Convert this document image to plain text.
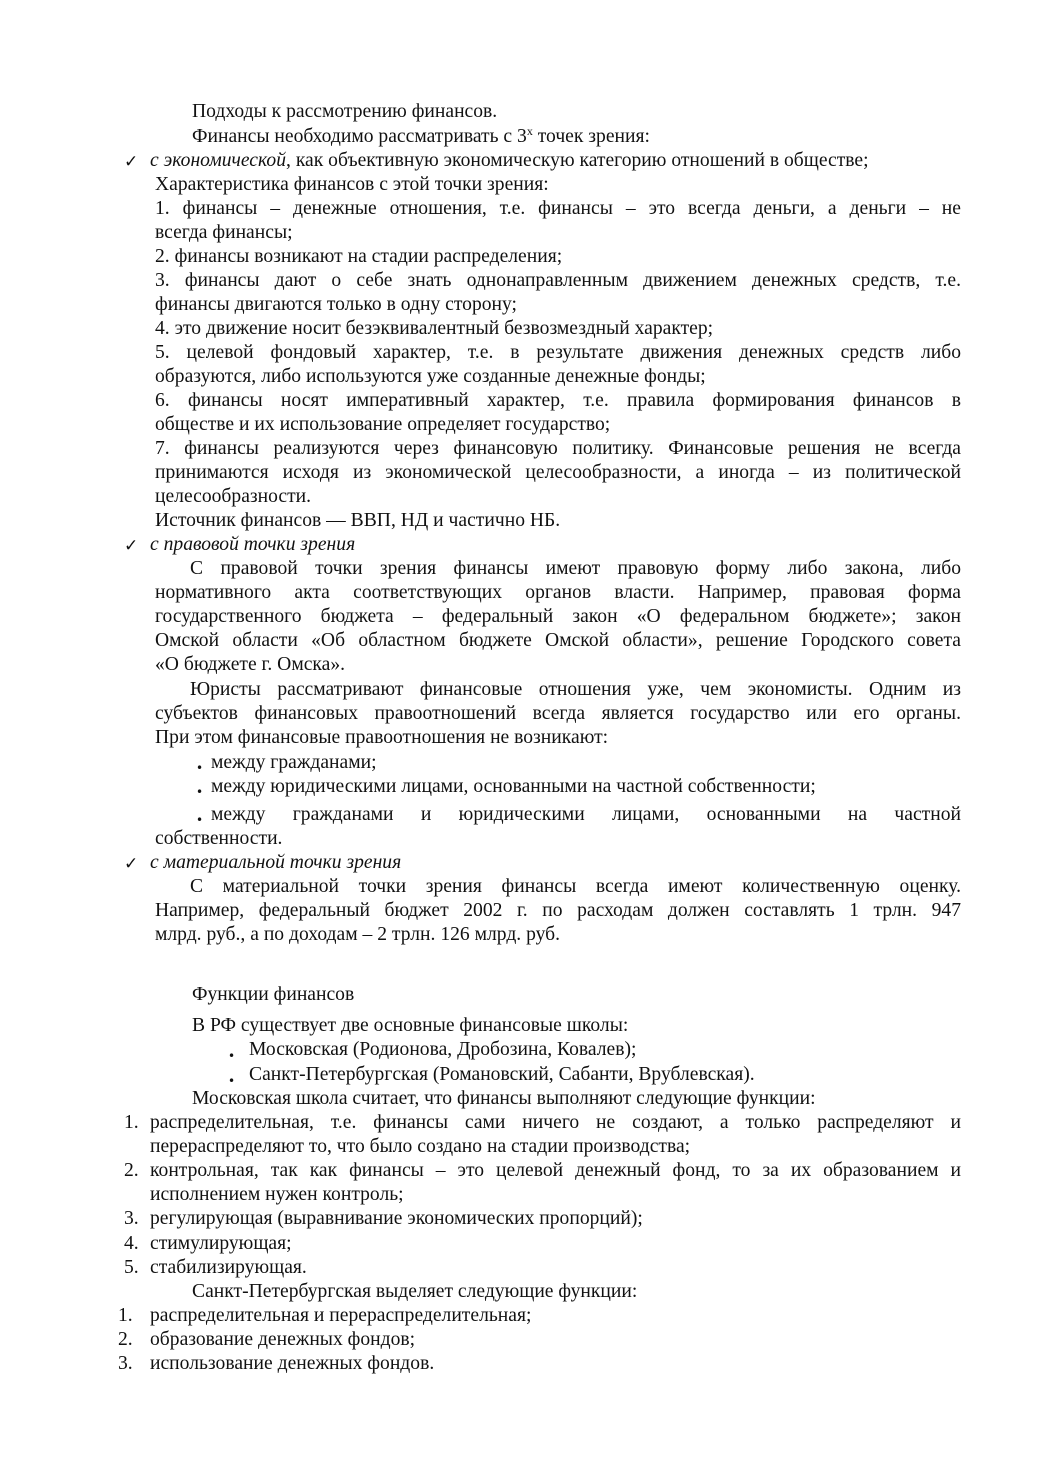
Подходы к рассмотрению финансов.
Финансы необходимо рассматривать с $3^х$ точек зрения:
✓ с экономической, как объективную экономическую категорию отношений в обществе;
Характеристика финансов с этой точки зрения:
1. финансы – денежные отношения, т.е. финансы – это всегда деньги, а деньги – не
всегда финансы;
2. финансы возникают на стадии распределения;
3. финансы дают о себе знать однонаправленным движением денежных средств, т.е.
финансы двигаются только в одну сторону;
4. это движение носит безэквивалентный безвозмездный характер;
5. целевой фондовый характер, т.е. в результате движения денежных средств либо
образуются, либо используются уже созданные денежные фонды;
6. финансы носят императивный характер, т.е. правила формирования финансов в
обществе и их использование определяет государство;
7. финансы реализуются через финансовую политику. Финансовые решения не всегда
принимаются исходя из экономической целесообразности, а иногда – из политической
целесообразности.
Источник финансов — ВВП, НД и частично НБ.
✓ с правовой точки зрения
С правовой точки зрения финансы имеют правовую форму либо закона, либо
нормативного акта соответствующих органов власти. Например, правовая форма
государственного бюджета – федеральный закон «О федеральном бюджете»; закон
Омской области «Об областном бюджете Омской области», решение Городского совета
«О бюджете г. Омска».
Юристы рассматривают финансовые отношения уже, чем экономисты. Одним из
субъектов финансовых правоотношений всегда является государство или его органы.
При этом финансовые правоотношения не возникают:
• между гражданами;
• между юридическими лицами, основанными на частной собственности;
• между гражданами и юридическими лицами, основанными на частной
собственности.
✓ с материальной точки зрения
С материальной точки зрения финансы всегда имеют количественную оценку.
Например, федеральный бюджет 2002 г. по расходам должен составлять 1 трлн. 947
млрд. руб., а по доходам – 2 трлн. 126 млрд. руб.
Функции финансов
В РФ существует две основные финансовые школы:
• Московская (Родионова, Дробозина, Ковалев);
• Санкт-Петербургская (Романовский, Сабанти, Врублевская).
Московская школа считает, что финансы выполняют следующие функции:
1. распределительная, т.е. финансы сами ничего не создают, а только распределяют и
перераспределяют то, что было создано на стадии производства;
2. контрольная, так как финансы – это целевой денежный фонд, то за их образованием и
исполнением нужен контроль;
3. регулирующая (выравнивание экономических пропорций);
4. стимулирующая;
5. стабилизирующая.
Санкт-Петербургская выделяет следующие функции:
1. распределительная и перераспределительная;
2. образование денежных фондов;
3. использование денежных фондов.
